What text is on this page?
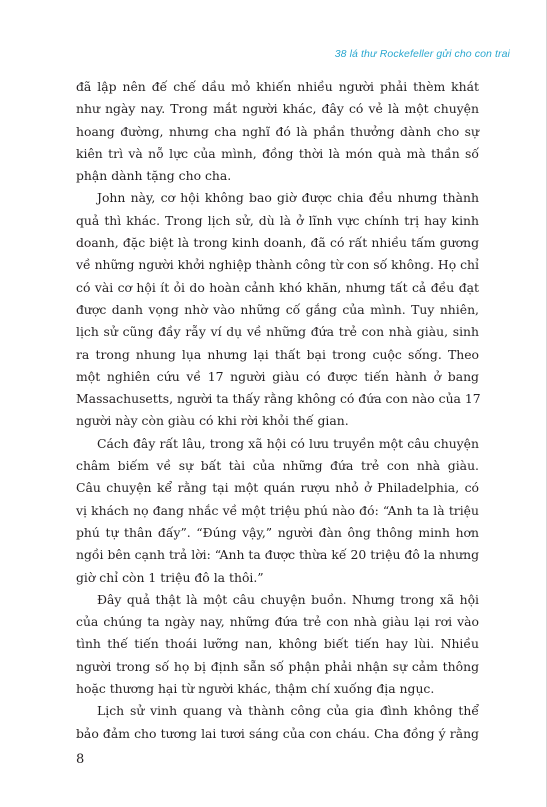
38 lá thư Rockefeller gửi cho con trai
đã lập nên đế chế dầu mỏ khiến nhiều người phải thèm khát
như ngày nay. Trong mắt người khác, đây có vẻ là một chuyện
hoang đường, nhưng cha nghĩ đó là phần thưởng dành cho sự
kiên trì và nỗ lực của mình, đồng thời là món quà mà thần số
phận dành tặng cho cha.
John này, cơ hội không bao giờ được chia đều nhưng thành
quả thì khác. Trong lịch sử, dù là ở lĩnh vực chính trị hay kinh
doanh, đặc biệt là trong kinh doanh, đã có rất nhiều tấm gương
về những người khởi nghiệp thành công từ con số không. Họ chỉ
có vài cơ hội ít ỏi do hoàn cảnh khó khăn, nhưng tất cả đều đạt
được danh vọng nhờ vào những cố gắng của mình. Tuy nhiên,
lịch sử cũng đầy rẫy ví dụ về những đứa trẻ con nhà giàu, sinh
ra trong nhung lụa nhưng lại thất bại trong cuộc sống. Theo
một nghiên cứu về 17 người giàu có được tiến hành ở bang
Massachusetts, người ta thấy rằng không có đứa con nào của 17
người này còn giàu có khi rời khỏi thế gian.
Cách đây rất lâu, trong xã hội có lưu truyền một câu chuyện
châm biếm về sự bất tài của những đứa trẻ con nhà giàu.
Câu chuyện kể rằng tại một quán rượu nhỏ ở Philadelphia, có
vị khách nọ đang nhắc về một triệu phú nào đó: “Anh ta là triệu
phú tự thân đấy”. “Đúng vậy,” người đàn ông thông minh hơn
ngồi bên cạnh trả lời: “Anh ta được thừa kế 20 triệu đô la nhưng
giờ chỉ còn 1 triệu đô la thôi.”
Đây quả thật là một câu chuyện buồn. Nhưng trong xã hội
của chúng ta ngày nay, những đứa trẻ con nhà giàu lại rơi vào
tình thế tiến thoái lưỡng nan, không biết tiến hay lùi. Nhiều
người trong số họ bị định sẵn số phận phải nhận sự cảm thông
hoặc thương hại từ người khác, thậm chí xuống địa ngục.
Lịch sử vinh quang và thành công của gia đình không thể
bảo đảm cho tương lai tươi sáng của con cháu. Cha đồng ý rằng
8
